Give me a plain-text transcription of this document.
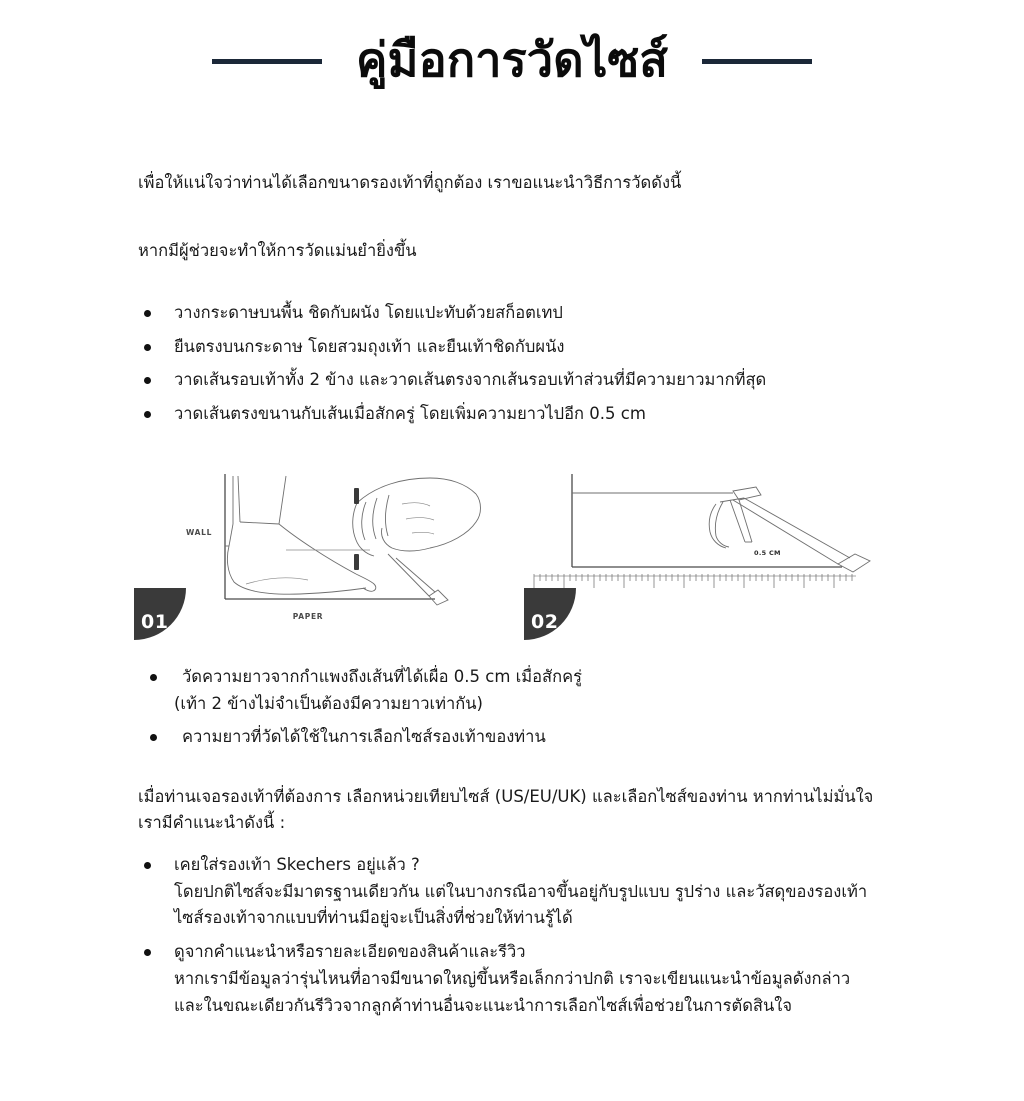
คู่มือการวัดไซส์
เพื่อให้แน่ใจว่าท่านได้เลือกขนาดรองเท้าที่ถูกต้อง เราขอแนะนำวิธีการวัดดังนี้
หากมีผู้ช่วยจะทำให้การวัดแม่นยำยิ่งขึ้น
วางกระดาษบนพื้น ชิดกับผนัง โดยแปะทับด้วยสก็อตเทป
ยืนตรงบนกระดาษ โดยสวมถุงเท้า และยืนเท้าชิดกับผนัง
วาดเส้นรอบเท้าทั้ง 2 ข้าง และวาดเส้นตรงจากเส้นรอบเท้าส่วนที่มีความยาวมากที่สุด
วาดเส้นตรงขนานกับเส้นเมื่อสักครู่ โดยเพิ่มความยาวไปอีก 0.5 cm
วัดความยาวจากกำแพงถึงเส้นที่ได้เผื่อ 0.5 cm เมื่อสักครู่
(เท้า 2 ข้างไม่จำเป็นต้องมีความยาวเท่ากัน)
ความยาวที่วัดได้ใช้ในการเลือกไซส์รองเท้าของท่าน
เมื่อท่านเจอรองเท้าที่ต้องการ เลือกหน่วยเทียบไซส์ (US/EU/UK) และเลือกไซส์ของท่าน หากท่านไม่มั่นใจ
เรามีคำแนะนำดังนี้ :
เคยใส่รองเท้า Skechers อยู่แล้ว ?
โดยปกติไซส์จะมีมาตรฐานเดียวกัน แต่ในบางกรณีอาจขึ้นอยู่กับรูปแบบ รูปร่าง และวัสดุของรองเท้า
ไซส์รองเท้าจากแบบที่ท่านมีอยู่จะเป็นสิ่งที่ช่วยให้ท่านรู้ได้
ดูจากคำแนะนำหรือรายละเอียดของสินค้าและรีวิว
หากเรามีข้อมูลว่ารุ่นไหนที่อาจมีขนาดใหญ่ขึ้นหรือเล็กกว่าปกติ เราจะเขียนแนะนำข้อมูลดังกล่าว
และในขณะเดียวกันรีวิวจากลูกค้าท่านอื่นจะแนะนำการเลือกไซส์เพื่อช่วยในการตัดสินใจ
WALL
PAPER
01
0.5 CM
02
